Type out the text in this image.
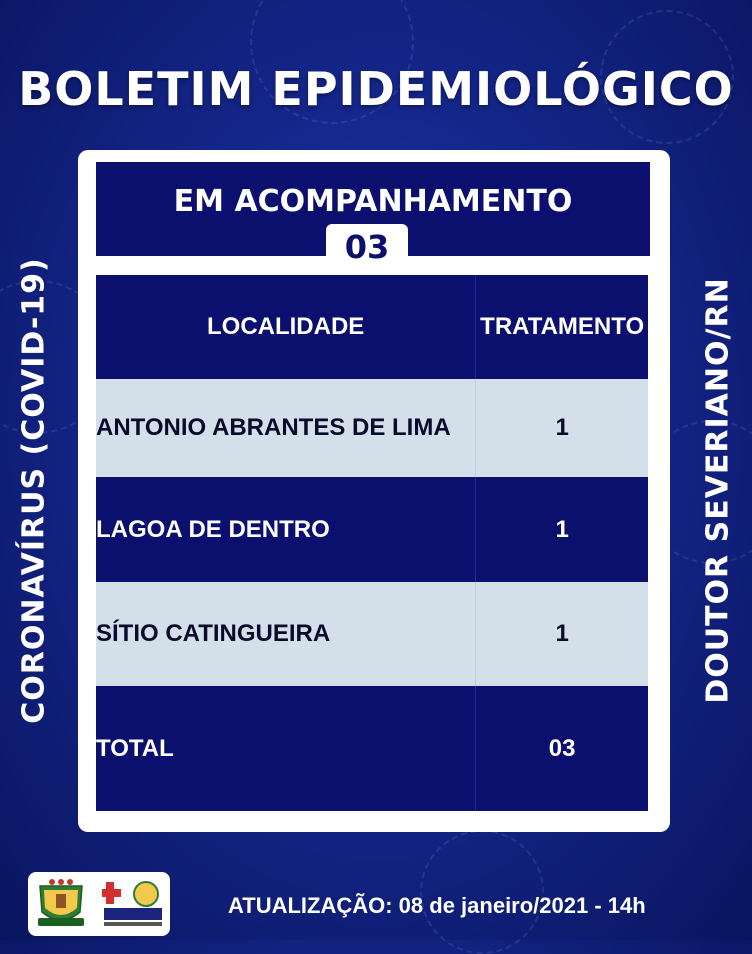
BOLETIM EPIDEMIOLÓGICO
CORONAVÍRUS (COVID-19)	DOUTOR SEVERIANO/RN
EM ACOMPANHAMENTO
03
LOCALIDADE	TRATAMENTO
ANTONIO ABRANTES DE LIMA	1
LAGOA DE DENTRO	1
SÍTIO CATINGUEIRA	1
TOTAL	03
ATUALIZAÇÃO: 08 de janeiro/2021 - 14h
